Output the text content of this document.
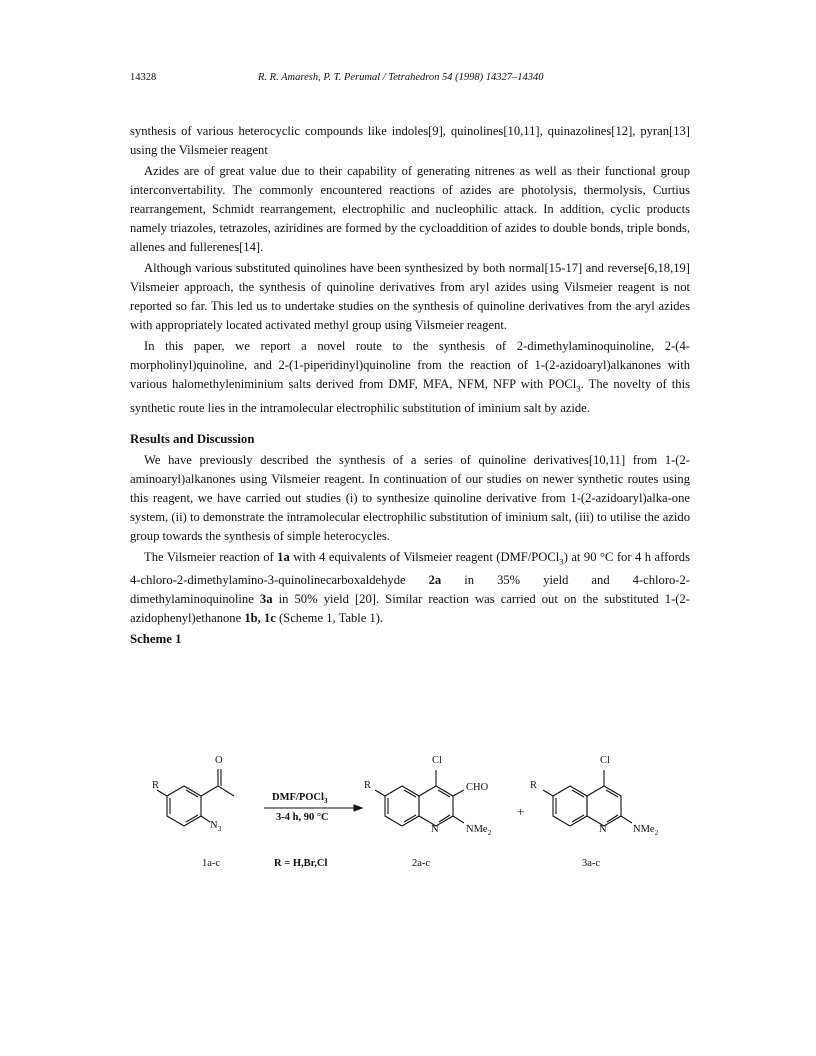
14328	R. R. Amaresh, P. T. Perumal / Tetrahedron 54 (1998) 14327–14340

synthesis of various heterocyclic compounds like indoles[9], quinolines[10,11], quinazolines[12], pyran[13] using the Vilsmeier reagent

Azides are of great value due to their capability of generating nitrenes as well as their functional group interconvertability. The commonly encountered reactions of azides are photolysis, thermolysis, Curtius rearrangement, Schmidt rearrangement, electrophilic and nucleophilic attack. In addition, cyclic products namely triazoles, tetrazoles, aziridines are formed by the cycloaddition of azides to double bonds, triple bonds, allenes and fullerenes[14].

Although various substituted quinolines have been synthesized by both normal[15-17] and reverse[6,18,19] Vilsmeier approach, the synthesis of quinoline derivatives from aryl azides using Vilsmeier reagent is not reported so far. This led us to undertake studies on the synthesis of quinoline derivatives from the aryl azides with appropriately located activated methyl group using Vilsmeier reagent.

In this paper, we report a novel route to the synthesis of 2-dimethylaminoquinoline, 2-(4-morpholinyl)quinoline, and 2-(1-piperidinyl)quinoline from the reaction of 1-(2-azidoaryl)alkanones with various halomethyleniminium salts derived from DMF, MFA, NFM, NFP with POCl$_3$. The novelty of this synthetic route lies in the intramolecular electrophilic substitution of iminium salt by azide.

Results and Discussion

We have previously described the synthesis of a series of quinoline derivatives[10,11] from 1-(2-aminoaryl)alkanones using Vilsmeier reagent. In continuation of our studies on newer synthetic routes using this reagent, we have carried out studies (i) to synthesize quinoline derivative from 1-(2-azidoaryl)alka-one system, (ii) to demonstrate the intramolecular electrophilic substitution of iminium salt, (iii) to utilise the azido group towards the synthesis of simple heterocycles.

The Vilsmeier reaction of 1a with 4 equivalents of Vilsmeier reagent (DMF/POCl$_3$) at 90 °C for 4 h affords 4-chloro-2-dimethylamino-3-quinolinecarboxaldehyde 2a in 35% yield and 4-chloro-2-dimethylaminoquinoline 3a in 50% yield [20]. Similar reaction was carried out on the substituted 1-(2-azidophenyl)ethanone 1b, 1c (Scheme 1, Table 1).

Scheme 1
R
O
$N_3$
DMF/POCl$_3$
3-4 h, 90 °C
R
Cl
CHO
N	NMe$_2$
+
R
Cl
N	NMe$_2$
1a-c	R = H,Br,Cl	2a-c	3a-c
